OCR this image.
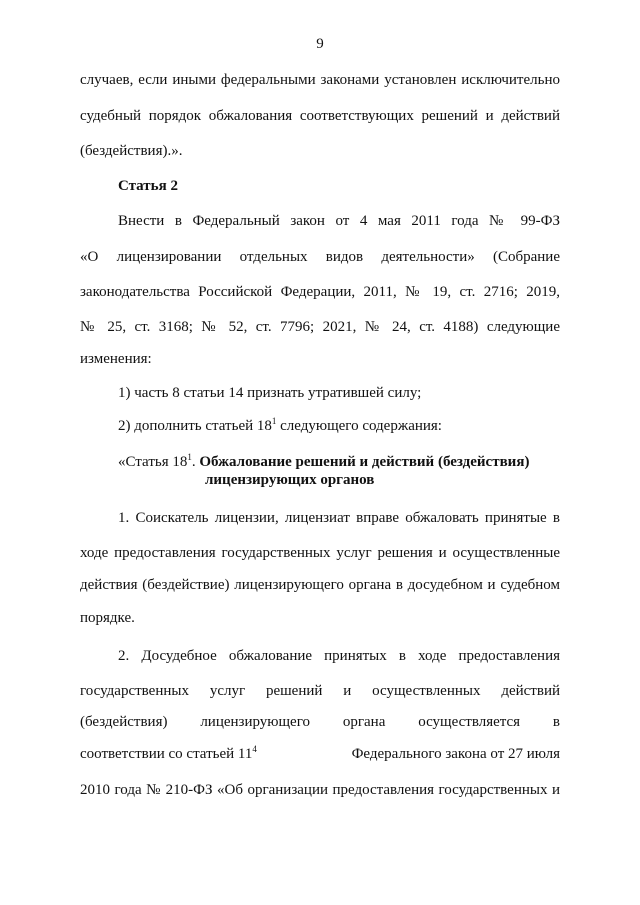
9
случаев, если иными федеральными законами установлен исключительно
судебный порядок обжалования соответствующих решений и действий
(бездействия).».
Статья 2
Внести в Федеральный закон от 4 мая 2011 года № 99-ФЗ
«О лицензировании отдельных видов деятельности» (Собрание
законодательства Российской Федерации, 2011, № 19, ст. 2716; 2019,
№ 25, ст. 3168; № 52, ст. 7796; 2021, № 24, ст. 4188) следующие
изменения:
1) часть 8 статьи 14 признать утратившей силу;
2) дополнить статьей $18^1$ следующего содержания:
«Статья $18^1$. Обжалование решений и действий (бездействия)
лицензирующих органов
1. Соискатель лицензии, лицензиат вправе обжаловать принятые в
ходе предоставления государственных услуг решения и осуществленные
действия (бездействие) лицензирующего органа в досудебном и судебном
порядке.
2. Досудебное обжалование принятых в ходе предоставления
государственных услуг решений и осуществленных действий
(бездействия) лицензирующего органа осуществляется в
соответствии со статьей $11^4$	Федерального закона от 27 июля
2010 года № 210-ФЗ «Об организации предоставления государственных и
